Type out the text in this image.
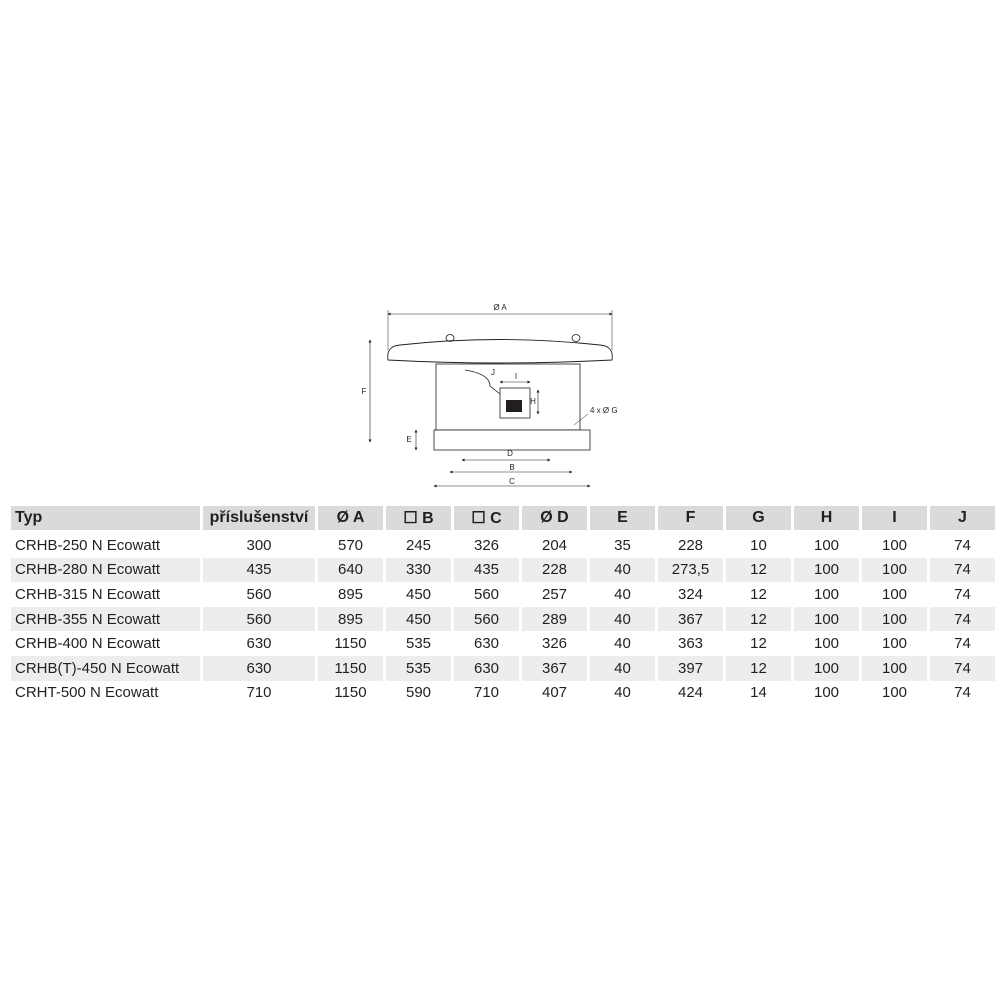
Ø A
F
E
D
B
C
H
I
J
4 x Ø G
Typ	příslušenství	Ø A	☐ B	☐ C	Ø D	E	F	G	H	I	J
CRHB-250 N Ecowatt	300	570	245	326	204	35	228	10	100	100	74
CRHB-280 N Ecowatt	435	640	330	435	228	40	273,5	12	100	100	74
CRHB-315 N Ecowatt	560	895	450	560	257	40	324	12	100	100	74
CRHB-355 N Ecowatt	560	895	450	560	289	40	367	12	100	100	74
CRHB-400 N Ecowatt	630	1150	535	630	326	40	363	12	100	100	74
CRHB(T)-450 N Ecowatt	630	1150	535	630	367	40	397	12	100	100	74
CRHT-500 N Ecowatt	710	1150	590	710	407	40	424	14	100	100	74
